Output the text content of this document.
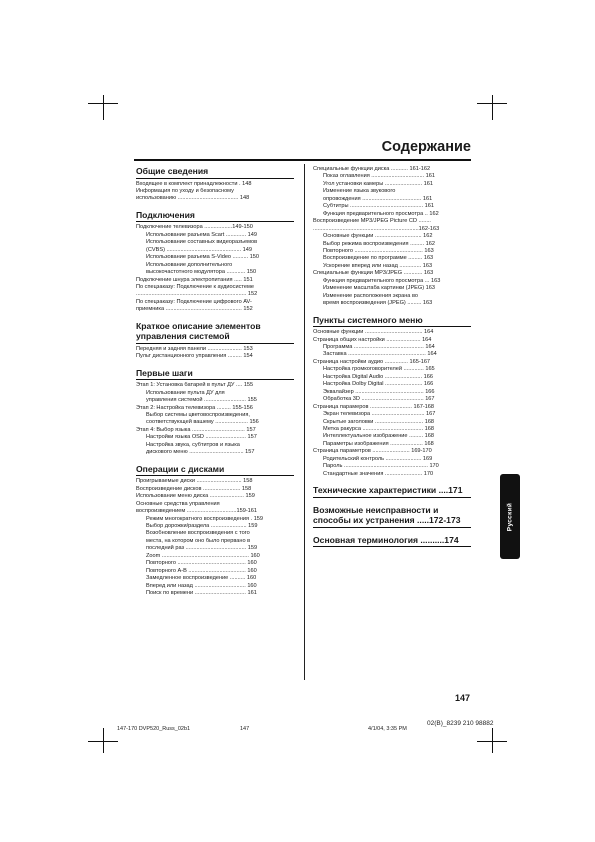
Содержание
Общие сведения
Входящее в комплект принадлежности . 148
Информация по уходу и безопасному
использованию ....................................... 148
Подключения
Подключение телевизора ..................149-150
Использование разъема Scart ............. 149
Использование составных видеоразъемов
(CVBS) ................................................ 149
Использование разъема S-Video .......... 150
Использование дополнительного
высокочастотного модулятора ............ 150
Подключение шнура электропитания ..... 151
По спецзаказу: Подключение к аудиосистеме
....................................................................... 152
По спецзаказу: Подключение цифрового AV-
приемника ................................................. 152
Краткое описание элементов управления системой
Передняя и задняя панели ...................... 153
Пульт дистанционного управления ......... 154
Первые шаги
Этап 1: Установка батарей в пульт ДУ .... 155
Использование пульта ДУ для
управления системой ........................... 155
Этап 2: Настройка телевизора ......... 155-156
Выбор системы цветовоспроизведения,
соответствующей вашему ..................... 156
Этап 4: Выбор языка .................................. 157
Настройки языка OSD .......................... 157
Настройка звука, субтитров и языка
дискового меню ................................... 157
Операции с дисками
Проигрываемые диски ............................. 158
Воспроизведение дисков ........................ 158
Использование меню диска ...................... 159
Основные средства управления
воспроизведением ................................159-161
Режим многократного воспроизведения . 159
Выбор дорожки/раздела ....................... 159
Возобновление воспроизведения с того
места, на котором оно было прервано в
последний раз ....................................... 159
Zoom ........................................................ 160
Повторного ............................................ 160
Повторного A-B ..................................... 160
Замедленное воспроизведение .......... 160
Вперед или назад ................................. 160
Поиск по времени ................................. 161
Специальные функции диска ........... 161-162
Показ оглавления .................................. 161
Угол установки камеры ........................ 161
Изменение языка звукового
опровождения ...................................... 161
Субтитры ............................................... 161
Функция предварительного просмотра .. 162
Воспроизведение MP3/JPEG Picture CD ........
....................................................................162-163
Основные функции .............................. 162
Выбор режима воспроизведения ......... 162
Повторного ............................................ 163
Воспроизведение по программе ......... 163
Ускорение вперед или назад .............. 163
Специальные функции MP3/JPEG ............ 163
Функция предварительного просмотра ... 163
Изменение масштаба картинки (JPEG) 163
Изменение расположения экрана во
время воспроизведения (JPEG) ......... 163
Пункты системного меню
Основные функции ..................................... 164
Страница общих настройки ...................... 164
Программа ............................................. 164
Заставка .................................................. 164
Страница настройки аудио ............... 165-167
Настройка громкоговорителей ............. 165
Настройка Digital Audio ........................ 166
Настройка Dolby Digital ........................ 166
Эквалайзер ............................................ 166
Обработка 3D ........................................ 167
Страница парамеров ........................... 167-168
Экран телевизора .................................. 167
Скрытые заголовки ............................... 168
Метка ракурса ....................................... 168
Интеллектуальное изображение ......... 168
Параметры изображения ..................... 168
Страница параметров ........................ 169-170
Родительский контроль ....................... 169
Пароль ...................................................... 170
Стандартные значения ........................ 170
Технические характеристики ....171
Возможные неисправности и способы их устранения .....172-173
Основная терминология ..........174
Русский
147
147-170 DVP520_Russ_02b1	147	4/1/04, 3:35 PM
02(B)_8239 210 98882
